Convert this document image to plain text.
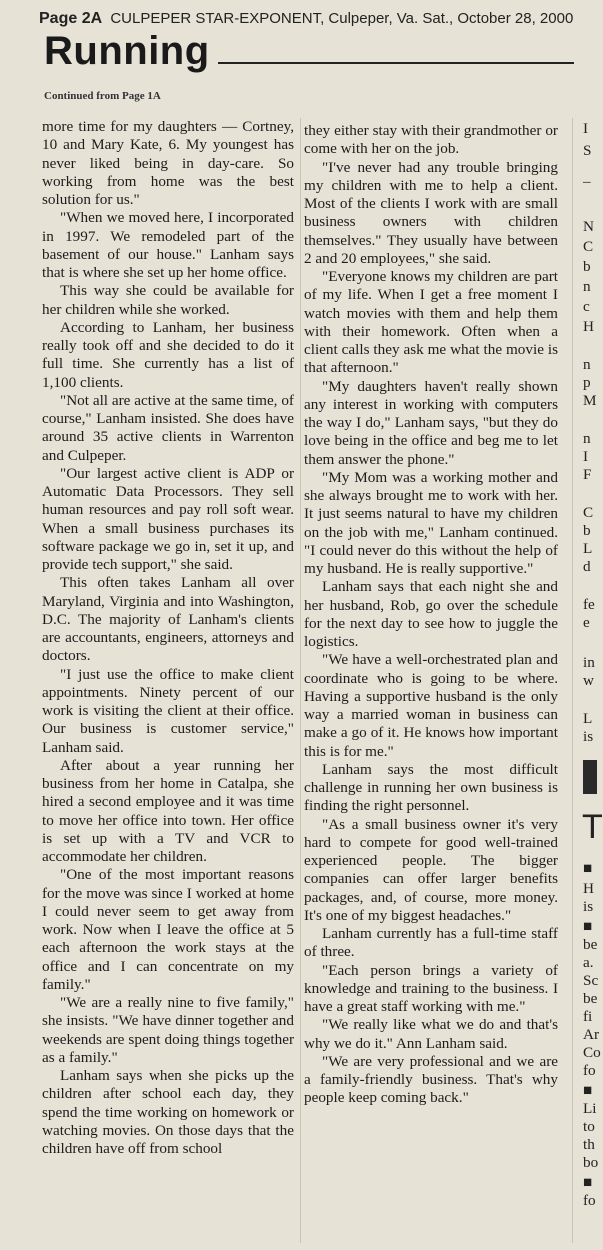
Page 2A CULPEPER STAR-EXPONENT, Culpeper, Va. Sat., October 28, 2000
Running
Continued from Page 1A

more time for my daughters — Cortney, 10 and Mary Kate, 6. My youngest has never liked being in day-care. So working from home was the best solution for us."

"When we moved here, I incorporated in 1997. We remodeled part of the basement of our house." Lanham says that is where she set up her home office.

This way she could be available for her children while she worked.

According to Lanham, her business really took off and she decided to do it full time. She currently has a list of 1,100 clients.

"Not all are active at the same time, of course," Lanham insisted. She does have around 35 active clients in Warrenton and Culpeper.

"Our largest active client is ADP or Automatic Data Processors. They sell human resources and pay roll soft wear. When a small business purchases its software package we go in, set it up, and provide tech support," she said.

This often takes Lanham all over Maryland, Virginia and into Washington, D.C. The majority of Lanham's clients are accountants, engineers, attorneys and doctors.

"I just use the office to make client appointments. Ninety percent of our work is visiting the client at their office. Our business is customer service," Lanham said.

After about a year running her business from her home in Catalpa, she hired a second employee and it was time to move her office into town. Her office is set up with a TV and VCR to accommodate her children.

"One of the most important reasons for the move was since I worked at home I could never seem to get away from work. Now when I leave the office at 5 each afternoon the work stays at the office and I can concentrate on my family."

"We are a really nine to five family," she insists. "We have dinner together and weekends are spent doing things together as a family."

Lanham says when she picks up the children after school each day, they spend the time working on homework or watching movies. On those days that the children have off from school

they either stay with their grandmother or come with her on the job.

"I've never had any trouble bringing my children with me to help a client. Most of the clients I work with are small business owners with children themselves." They usually have between 2 and 20 employees," she said.

"Everyone knows my children are part of my life. When I get a free moment I watch movies with them and help them with their homework. Often when a client calls they ask me what the movie is that afternoon."

"My daughters haven't really shown any interest in working with computers the way I do," Lanham says, "but they do love being in the office and beg me to let them answer the phone."

"My Mom was a working mother and she always brought me to work with her. It just seems natural to have my children on the job with me," Lanham continued. "I could never do this without the help of my husband. He is really supportive."

Lanham says that each night she and her husband, Rob, go over the schedule for the next day to see how to juggle the logistics.

"We have a well-orchestrated plan and coordinate who is going to be where. Having a supportive husband is the only way a married woman in business can make a go of it. He knows how important this is for me."

Lanham says the most difficult challenge in running her own business is finding the right personnel.

"As a small business owner it's very hard to compete for good well-trained experienced people. The bigger companies can offer larger benefits packages, and, of course, more money. It's one of my biggest headaches."

Lanham currently has a full-time staff of three.

"Each person brings a variety of knowledge and training to the business. I have a great staff working with me."

"We really like what we do and that's why we do it." Ann Lanham said.

"We are very professional and we are a family-friendly business. That's why people keep coming back."

I
S
_
N
C
b
n
c
H
n
p
M
n
I
F
C
b
L
d
fe
e
in
w
L
is
T
■
H
is
■
be
a.
Sc
be
fi
Ar
Co
fo
■
Li
to
th
bo
■
fo
